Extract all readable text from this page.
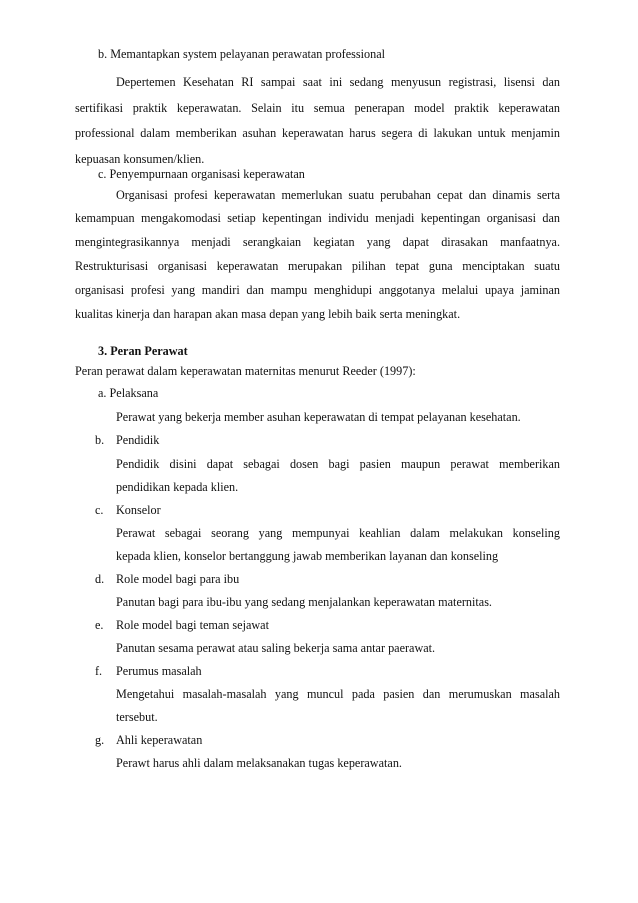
b. Memantapkan system pelayanan perawatan professional
Depertemen Kesehatan RI sampai saat ini sedang menyusun registrasi, lisensi dan
sertifikasi praktik keperawatan. Selain itu semua penerapan model praktik keperawatan
professional dalam memberikan asuhan keperawatan harus segera di lakukan untuk menjamin
kepuasan konsumen/klien.
c. Penyempurnaan organisasi keperawatan
Organisasi profesi keperawatan memerlukan suatu perubahan cepat dan dinamis serta
kemampuan mengakomodasi setiap kepentingan individu menjadi kepentingan organisasi dan
mengintegrasikannya menjadi serangkaian kegiatan yang dapat dirasakan manfaatnya.
Restrukturisasi organisasi keperawatan merupakan pilihan tepat guna menciptakan suatu
organisasi profesi yang mandiri dan mampu menghidupi anggotanya melalui upaya jaminan
kualitas kinerja dan harapan akan masa depan yang lebih baik serta meningkat.
3. Peran Perawat
Peran perawat dalam keperawatan maternitas menurut Reeder (1997):
a. Pelaksana
Perawat yang bekerja member asuhan keperawatan di tempat pelayanan kesehatan.
b. Pendidik
Pendidik disini dapat sebagai dosen bagi pasien maupun perawat memberikan
pendidikan kepada klien.
c. Konselor
Perawat sebagai seorang yang mempunyai keahlian dalam melakukan konseling
kepada klien, konselor bertanggung jawab memberikan layanan dan konseling
d. Role model bagi para ibu
Panutan bagi para ibu-ibu yang sedang menjalankan keperawatan maternitas.
e. Role model bagi teman sejawat
Panutan sesama perawat atau saling bekerja sama antar paerawat.
f. Perumus masalah
Mengetahui masalah-masalah yang muncul pada pasien dan merumuskan masalah
tersebut.
g. Ahli keperawatan
Perawt harus ahli dalam melaksanakan tugas keperawatan.
